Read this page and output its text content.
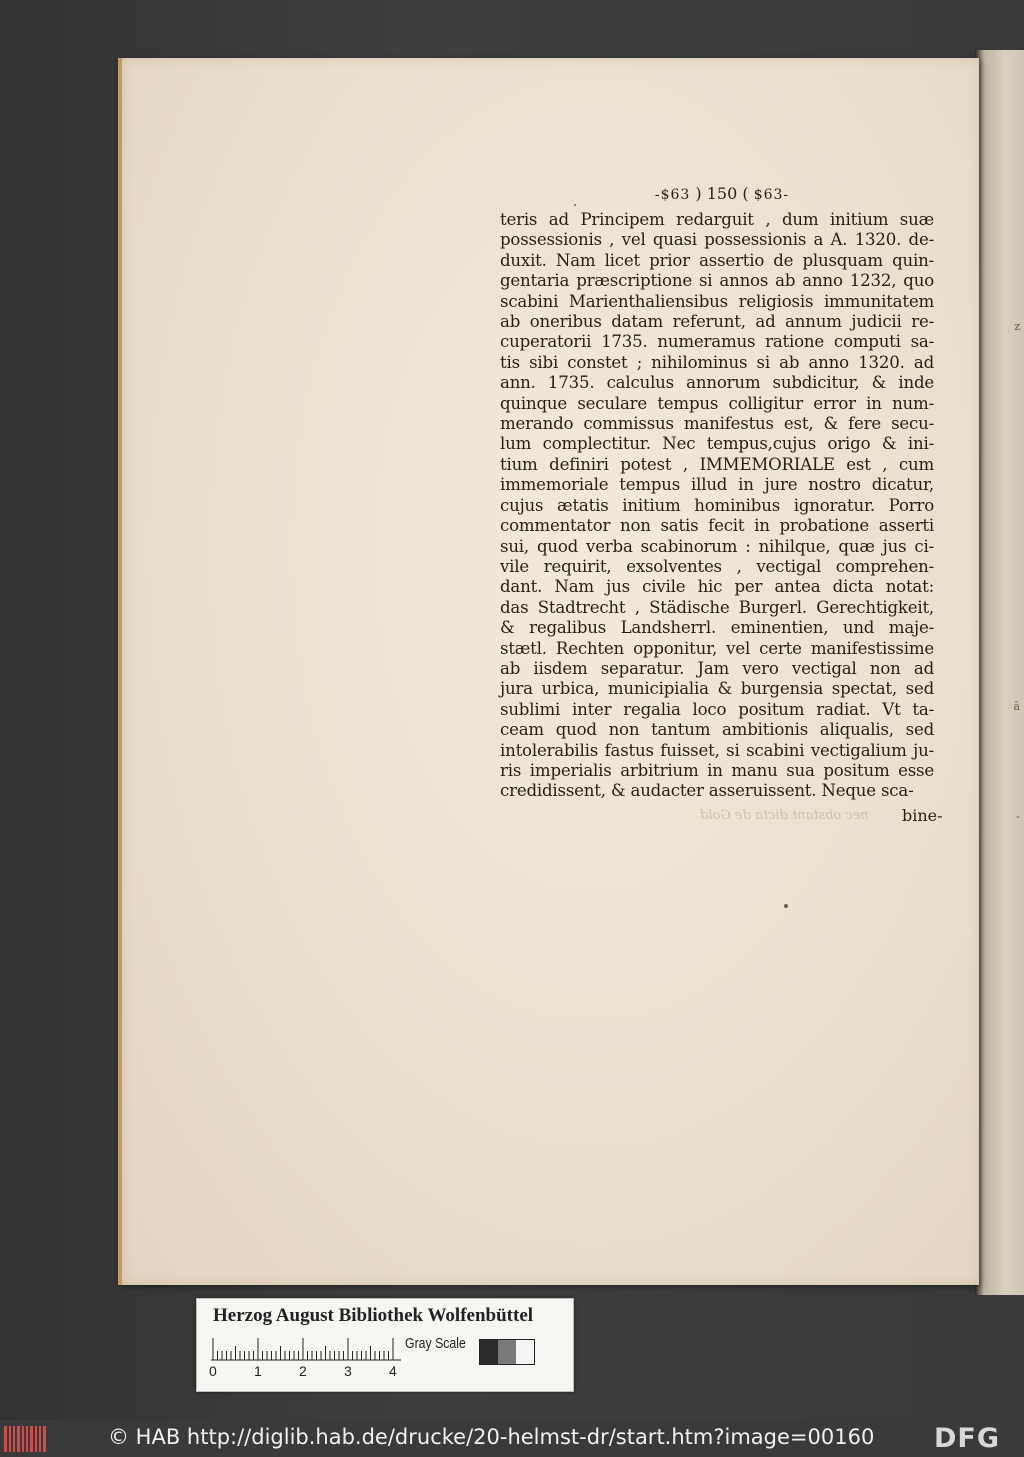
z
ā
-
-$63 ) 150 ( $63-
teris ad Principem redarguit , dum initium suæ
possessionis , vel quasi possessionis a A. 1320. de-
duxit. Nam licet prior assertio de plusquam quin-
gentaria præscriptione si annos ab anno 1232, quo
scabini Marienthaliensibus religiosis immunitatem
ab oneribus datam referunt, ad annum judicii re-
cuperatorii 1735. numeramus ratione computi sa-
tis sibi constet ; nihilominus si ab anno 1320. ad
ann. 1735. calculus annorum subdicitur, & inde
quinque seculare tempus colligitur error in num-
merando commissus manifestus est, & fere secu-
lum complectitur. Nec tempus,cujus origo & ini-
tium definiri potest , IMMEMORIALE est , cum
immemoriale tempus illud in jure nostro dicatur,
cujus ætatis initium hominibus ignoratur. Porro
commentator non satis fecit in probatione asserti
sui, quod verba scabinorum : nihilque, quæ jus ci-
vile requirit, exsolventes , vectigal comprehen-
dant. Nam jus civile hic per antea dicta notat:
das Stadtrecht , Städische Burgerl. Gerechtigkeit,
& regalibus Landsherrl. eminentien, und maje-
stætl. Rechten opponitur, vel certe manifestissime
ab iisdem separatur. Jam vero vectigal non ad
jura urbica, municipialia & burgensia spectat, sed
sublimi inter regalia loco positum radiat. Vt ta-
ceam quod non tantum ambitionis aliqualis, sed
intolerabilis fastus fuisset, si scabini vectigalium ju-
ris imperialis arbitrium in manu sua positum esse
credidissent, & audacter asseruissent. Neque sca-
nec obstant dicta de Gold bine-
Herzog August Bibliothek Wolfenbüttel
0	1	2	3	4
Gray Scale
© HAB http://diglib.hab.de/drucke/20-helmst-dr/start.htm?image=00160 DFG
